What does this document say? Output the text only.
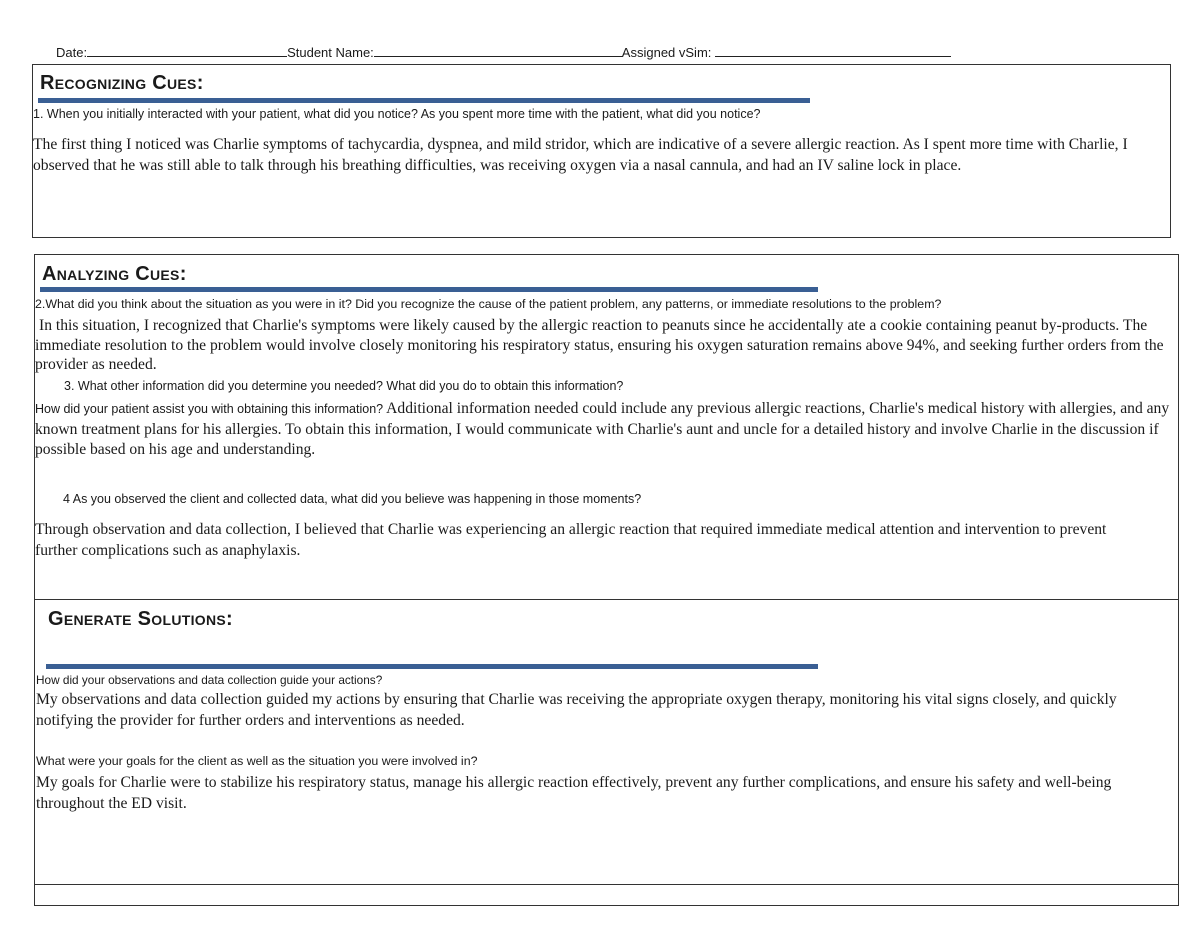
Date:	Student Name:	Assigned vSim:
Recognizing Cues:
1. When you initially interacted with your patient, what did you notice? As you spent more time with the patient, what did you notice?
The first thing I noticed was Charlie symptoms of tachycardia, dyspnea, and mild stridor, which are indicative of a severe allergic reaction. As I spent more time with Charlie, I observed that he was still able to talk through his breathing difficulties, was receiving oxygen via a nasal cannula, and had an IV saline lock in place.
Analyzing Cues:
2.What did you think about the situation as you were in it? Did you recognize the cause of the patient problem, any patterns, or immediate resolutions to the problem?
In this situation, I recognized that Charlie's symptoms were likely caused by the allergic reaction to peanuts since he accidentally ate a cookie containing peanut by-products. The immediate resolution to the problem would involve closely monitoring his respiratory status, ensuring his oxygen saturation remains above 94%, and seeking further orders from the provider as needed.
3. What other information did you determine you needed? What did you do to obtain this information?
How did your patient assist you with obtaining this information? Additional information needed could include any previous allergic reactions, Charlie's medical history with allergies, and any known treatment plans for his allergies. To obtain this information, I would communicate with Charlie's aunt and uncle for a detailed history and involve Charlie in the discussion if possible based on his age and understanding.
4 As you observed the client and collected data, what did you believe was happening in those moments?
Through observation and data collection, I believed that Charlie was experiencing an allergic reaction that required immediate medical attention and intervention to prevent further complications such as anaphylaxis.
Generate Solutions:
How did your observations and data collection guide your actions?
My observations and data collection guided my actions by ensuring that Charlie was receiving the appropriate oxygen therapy, monitoring his vital signs closely, and quickly notifying the provider for further orders and interventions as needed.
What were your goals for the client as well as the situation you were involved in?
My goals for Charlie were to stabilize his respiratory status, manage his allergic reaction effectively, prevent any further complications, and ensure his safety and well-being throughout the ED visit.
